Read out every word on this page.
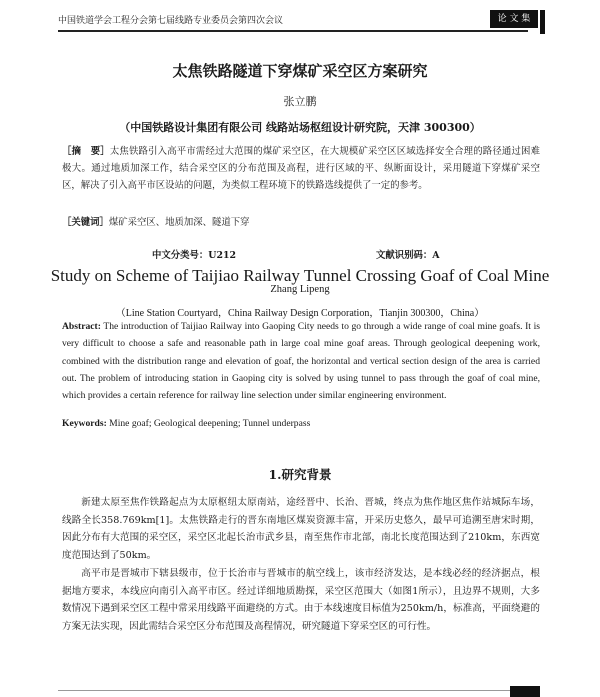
中国铁道学会工程分会第七届线路专业委员会第四次会议	论 文 集
太焦铁路隧道下穿煤矿采空区方案研究
张立鹏
（中国铁路设计集团有限公司 线路站场枢纽设计研究院，天津 300300）
［摘　要］太焦铁路引入高平市需经过大范围的煤矿采空区，在大规模矿采空区区域选择安全合理的路径通过困难极大。通过地质加深工作，结合采空区的分布范围及高程，进行区域的平、纵断面设计，采用隧道下穿煤矿采空区，解决了引入高平市区设站的问题，为类似工程环境下的铁路选线提供了一定的参考。
［关键词］煤矿采空区、地质加深、隧道下穿
中文分类号：U212	文献识别码：A
Study on Scheme of Taijiao Railway Tunnel Crossing Goaf of Coal Mine
Zhang Lipeng
（Line Station Courtyard，China Railway Design Corporation，Tianjin 300300，China）
Abstract: The introduction of Taijiao Railway into Gaoping City needs to go through a wide range of coal mine goafs. It is very difficult to choose a safe and reasonable path in large coal mine goaf areas. Through geological deepening work, combined with the distribution range and elevation of goaf, the horizontal and vertical section design of the area is carried out. The problem of introducing station in Gaoping city is solved by using tunnel to pass through the goaf of coal mine, which provides a certain reference for railway line selection under similar engineering environment.
Keywords: Mine goaf; Geological deepening; Tunnel underpass
1.研究背景

新建太原至焦作铁路起点为太原枢纽太原南站，途经晋中、长治、晋城，终点为焦作地区焦作站城际车场，线路全长358.769km[1]。太焦铁路走行的晋东南地区煤炭资源丰富，开采历史悠久，最早可追溯至唐宋时期，因此分布有大范围的采空区，采空区北起长治市武乡县，南至焦作市北部，南北长度范围达到了210km，东西宽度范围达到了50km。

高平市是晋城市下辖县级市，位于长治市与晋城市的航空线上，该市经济发达，是本线必经的经济据点，根据地方要求，本线应向南引入高平市区。经过详细地质勘探，采空区范围大（如图1所示），且边界不规则，大多数情况下遇到采空区工程中常采用线路平面避绕的方式。由于本线速度目标值为250km/h，标准高，平面绕避的方案无法实现，因此需结合采空区分布范围及高程情况，研究隧道下穿采空区的可行性。
